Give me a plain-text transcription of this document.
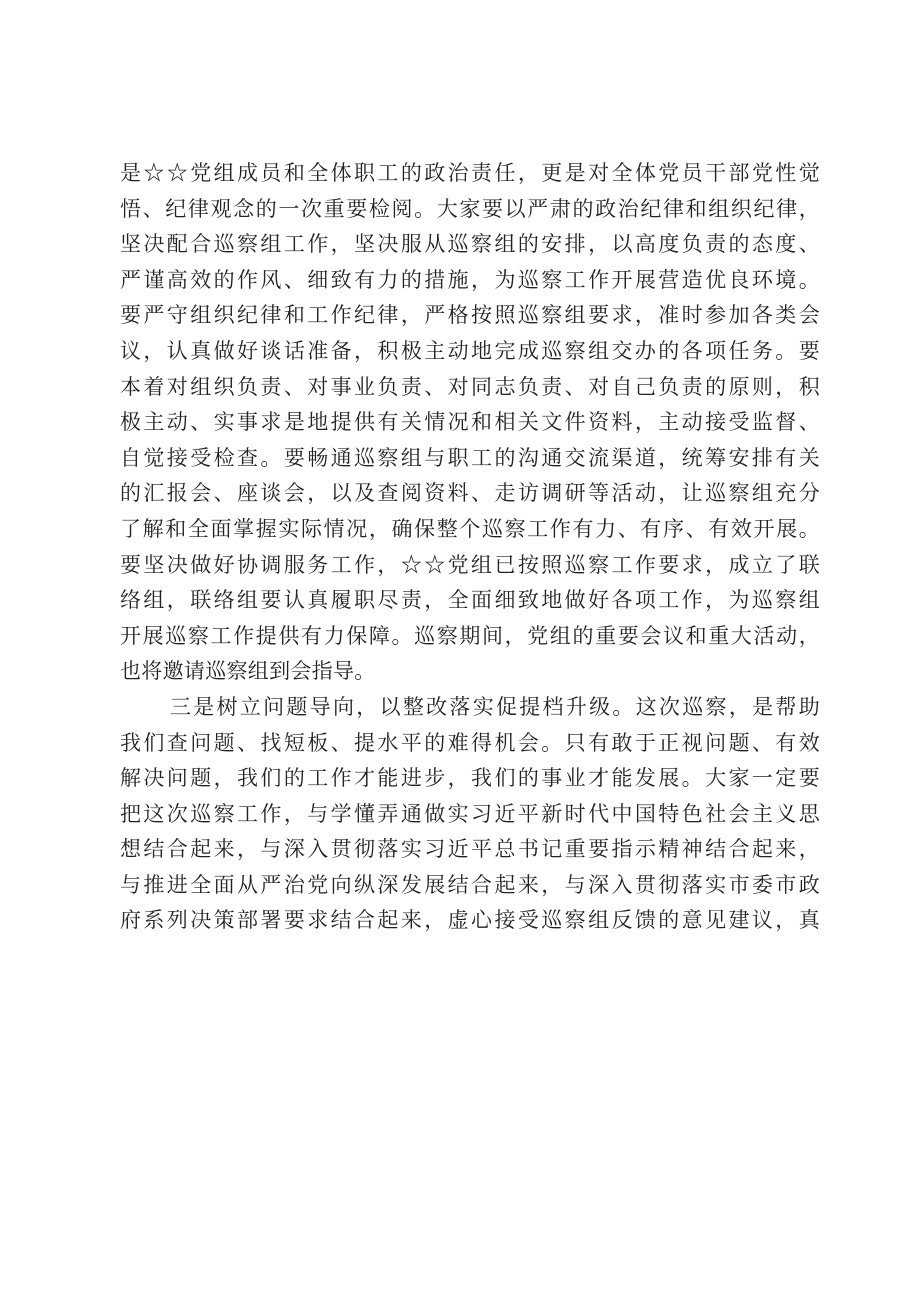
是☆☆党组成员和全体职工的政治责任，更是对全体党员干部党性觉
悟、纪律观念的一次重要检阅。大家要以严肃的政治纪律和组织纪律，
坚决配合巡察组工作，坚决服从巡察组的安排，以高度负责的态度、
严谨高效的作风、细致有力的措施，为巡察工作开展营造优良环境。
要严守组织纪律和工作纪律，严格按照巡察组要求，准时参加各类会
议，认真做好谈话准备，积极主动地完成巡察组交办的各项任务。要
本着对组织负责、对事业负责、对同志负责、对自己负责的原则，积
极主动、实事求是地提供有关情况和相关文件资料，主动接受监督、
自觉接受检查。要畅通巡察组与职工的沟通交流渠道，统筹安排有关
的汇报会、座谈会，以及查阅资料、走访调研等活动，让巡察组充分
了解和全面掌握实际情况，确保整个巡察工作有力、有序、有效开展。
要坚决做好协调服务工作，☆☆党组已按照巡察工作要求，成立了联
络组，联络组要认真履职尽责，全面细致地做好各项工作，为巡察组
开展巡察工作提供有力保障。巡察期间，党组的重要会议和重大活动，
也将邀请巡察组到会指导。
三是树立问题导向，以整改落实促提档升级。这次巡察，是帮助
我们查问题、找短板、提水平的难得机会。只有敢于正视问题、有效
解决问题，我们的工作才能进步，我们的事业才能发展。大家一定要
把这次巡察工作，与学懂弄通做实习近平新时代中国特色社会主义思
想结合起来，与深入贯彻落实习近平总书记重要指示精神结合起来，
与推进全面从严治党向纵深发展结合起来，与深入贯彻落实市委市政
府系列决策部署要求结合起来，虚心接受巡察组反馈的意见建议，真
